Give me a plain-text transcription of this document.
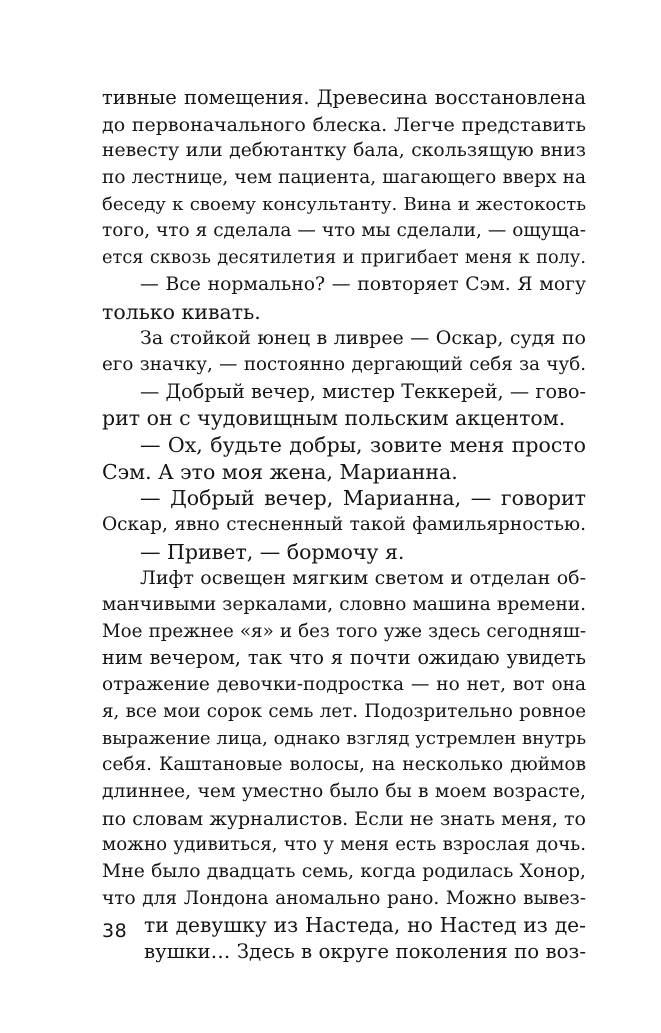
тивные помещения. Древесина восстановлена
до первоначального блеска. Легче представить
невесту или дебютантку бала, скользящую вниз
по лестнице, чем пациента, шагающего вверх на
беседу к своему консультанту. Вина и жестокость
того, что я сделала — что мы сделали, — ощуща-
ется сквозь десятилетия и пригибает меня к полу.
— Все нормально? — повторяет Сэм. Я могу
только кивать.
За стойкой юнец в ливрее — Оскар, судя по
его значку, — постоянно дергающий себя за чуб.
— Добрый вечер, мистер Теккерей, — гово-
рит он с чудовищным польским акцентом.
— Ох, будьте добры, зовите меня просто
Сэм. А это моя жена, Марианна.
— Добрый вечер, Марианна, — говорит
Оскар, явно стесненный такой фамильярностью.
— Привет, — бормочу я.
Лифт освещен мягким светом и отделан об-
манчивыми зеркалами, словно машина времени.
Мое прежнее «я» и без того уже здесь сегодняш-
ним вечером, так что я почти ожидаю увидеть
отражение девочки-подростка — но нет, вот она
я, все мои сорок семь лет. Подозрительно ровное
выражение лица, однако взгляд устремлен внутрь
себя. Каштановые волосы, на несколько дюймов
длиннее, чем уместно было бы в моем возрасте,
по словам журналистов. Если не знать меня, то
можно удивиться, что у меня есть взрослая дочь.
Мне было двадцать семь, когда родилась Хонор,
что для Лондона аномально рано. Можно вывез-
ти девушку из Настеда, но Настед из де-
вушки… Здесь в округе поколения по воз-
38
